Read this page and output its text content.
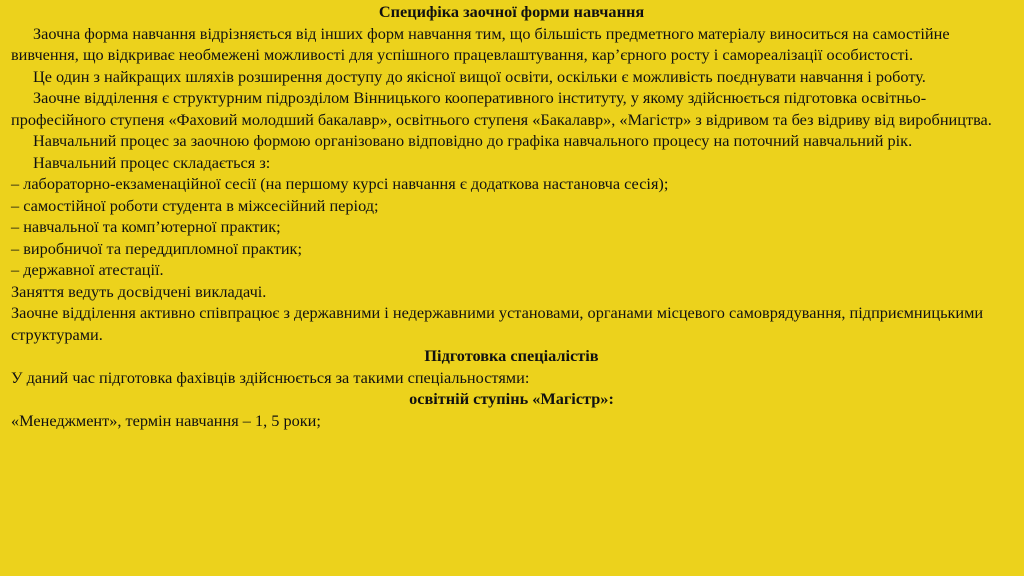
Специфіка заочної форми навчання

Заочна форма навчання відрізняється від інших форм навчання тим, що більшість предметного матеріалу виноситься на самостійне вивчення, що відкриває необмежені можливості для успішного працевлаштування, кар’єрного росту і самореалізації особистості.

Це один з найкращих шляхів розширення доступу до якісної вищої освіти, оскільки є можливість поєднувати навчання і роботу.

Заочне відділення є структурним підрозділом Вінницького кооперативного інституту, у якому здійснюється підготовка освітньо-професійного ступеня «Фаховий молодший бакалавр», освітнього ступеня «Бакалавр», «Магістр» з відривом та без відриву від виробництва.

Навчальний процес за заочною формою організовано відповідно до графіка навчального процесу на поточний навчальний рік.

Навчальний процес складається з:

– лабораторно-екзаменаційної сесії (на першому курсі навчання є додаткова настановча сесія);
– самостійної роботи студента в міжсесійний період;
– навчальної та комп’ютерної практик;
– виробничої та переддипломної практик;
– державної атестації.

Заняття ведуть досвідчені викладачі.

Заочне відділення активно співпрацює з державними і недержавними установами, органами місцевого самоврядування, підприємницькими структурами.

Підготовка спеціалістів

У даний час підготовка фахівців здійснюється за такими спеціальностями:

освітній ступінь «Магістр»:

«Менеджмент», термін навчання – 1, 5 роки;
